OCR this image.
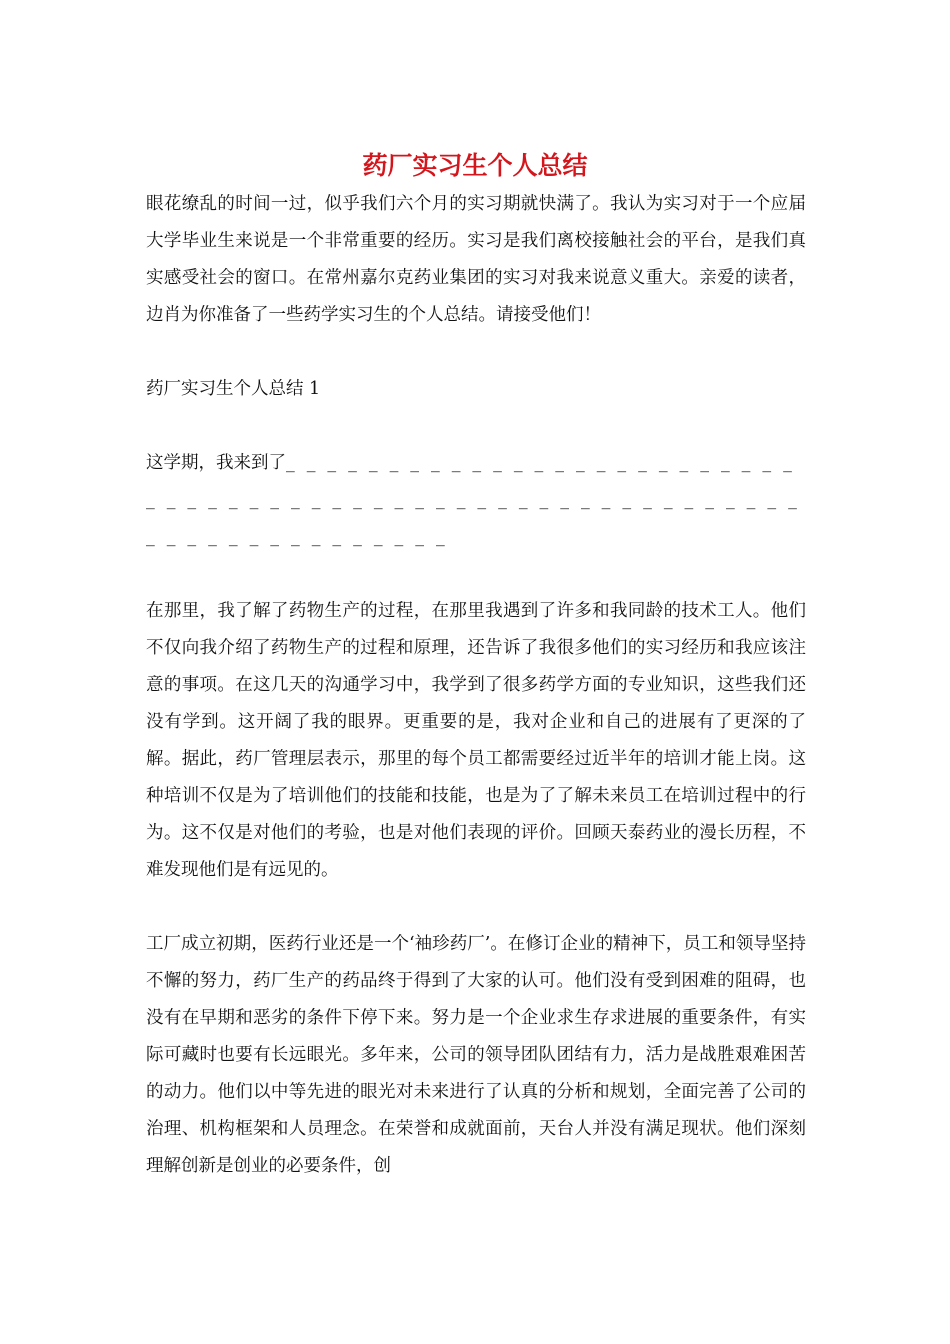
药厂实习生个人总结

眼花缭乱的时间一过，似乎我们六个月的实习期就快满了。我认为实习对于一个应届大学毕业生来说是一个非常重要的经历。实习是我们离校接触社会的平台，是我们真实感受社会的窗口。在常州嘉尔克药业集团的实习对我来说意义重大。亲爱的读者，边肖为你准备了一些药学实习生的个人总结。请接受他们！

药厂实习生个人总结 1

这学期，我来到了_ _ _ _ _ _ _ _ _ _ _ _ _ _ _ _ _ _ _ _ _ _ _ _ _ _ _ _ _ _ _ _ _ _ _ _ _ _ _ _ _ _ _ _ _ _ _ _ _ _ _ _ _ _ _ _ _ _ _ _ _ _ _ _ _ _ _ _ _ _ _ _

在那里，我了解了药物生产的过程，在那里我遇到了许多和我同龄的技术工人。他们不仅向我介绍了药物生产的过程和原理，还告诉了我很多他们的实习经历和我应该注意的事项。在这几天的沟通学习中，我学到了很多药学方面的专业知识，这些我们还没有学到。这开阔了我的眼界。更重要的是，我对企业和自己的进展有了更深的了解。据此，药厂管理层表示，那里的每个员工都需要经过近半年的培训才能上岗。这种培训不仅是为了培训他们的技能和技能，也是为了了解未来员工在培训过程中的行为。这不仅是对他们的考验，也是对他们表现的评价。回顾天泰药业的漫长历程，不难发现他们是有远见的。

工厂成立初期，医药行业还是一个‘袖珍药厂’。在修订企业的精神下，员工和领导坚持不懈的努力，药厂生产的药品终于得到了大家的认可。他们没有受到困难的阻碍，也没有在早期和恶劣的条件下停下来。努力是一个企业求生存求进展的重要条件，有实际可藏时也要有长远眼光。多年来，公司的领导团队团结有力，活力是战胜艰难困苦的动力。他们以中等先进的眼光对未来进行了认真的分析和规划，全面完善了公司的治理、机构框架和人员理念。在荣誉和成就面前，天台人并没有满足现状。他们深刻理解创新是创业的必要条件，创
